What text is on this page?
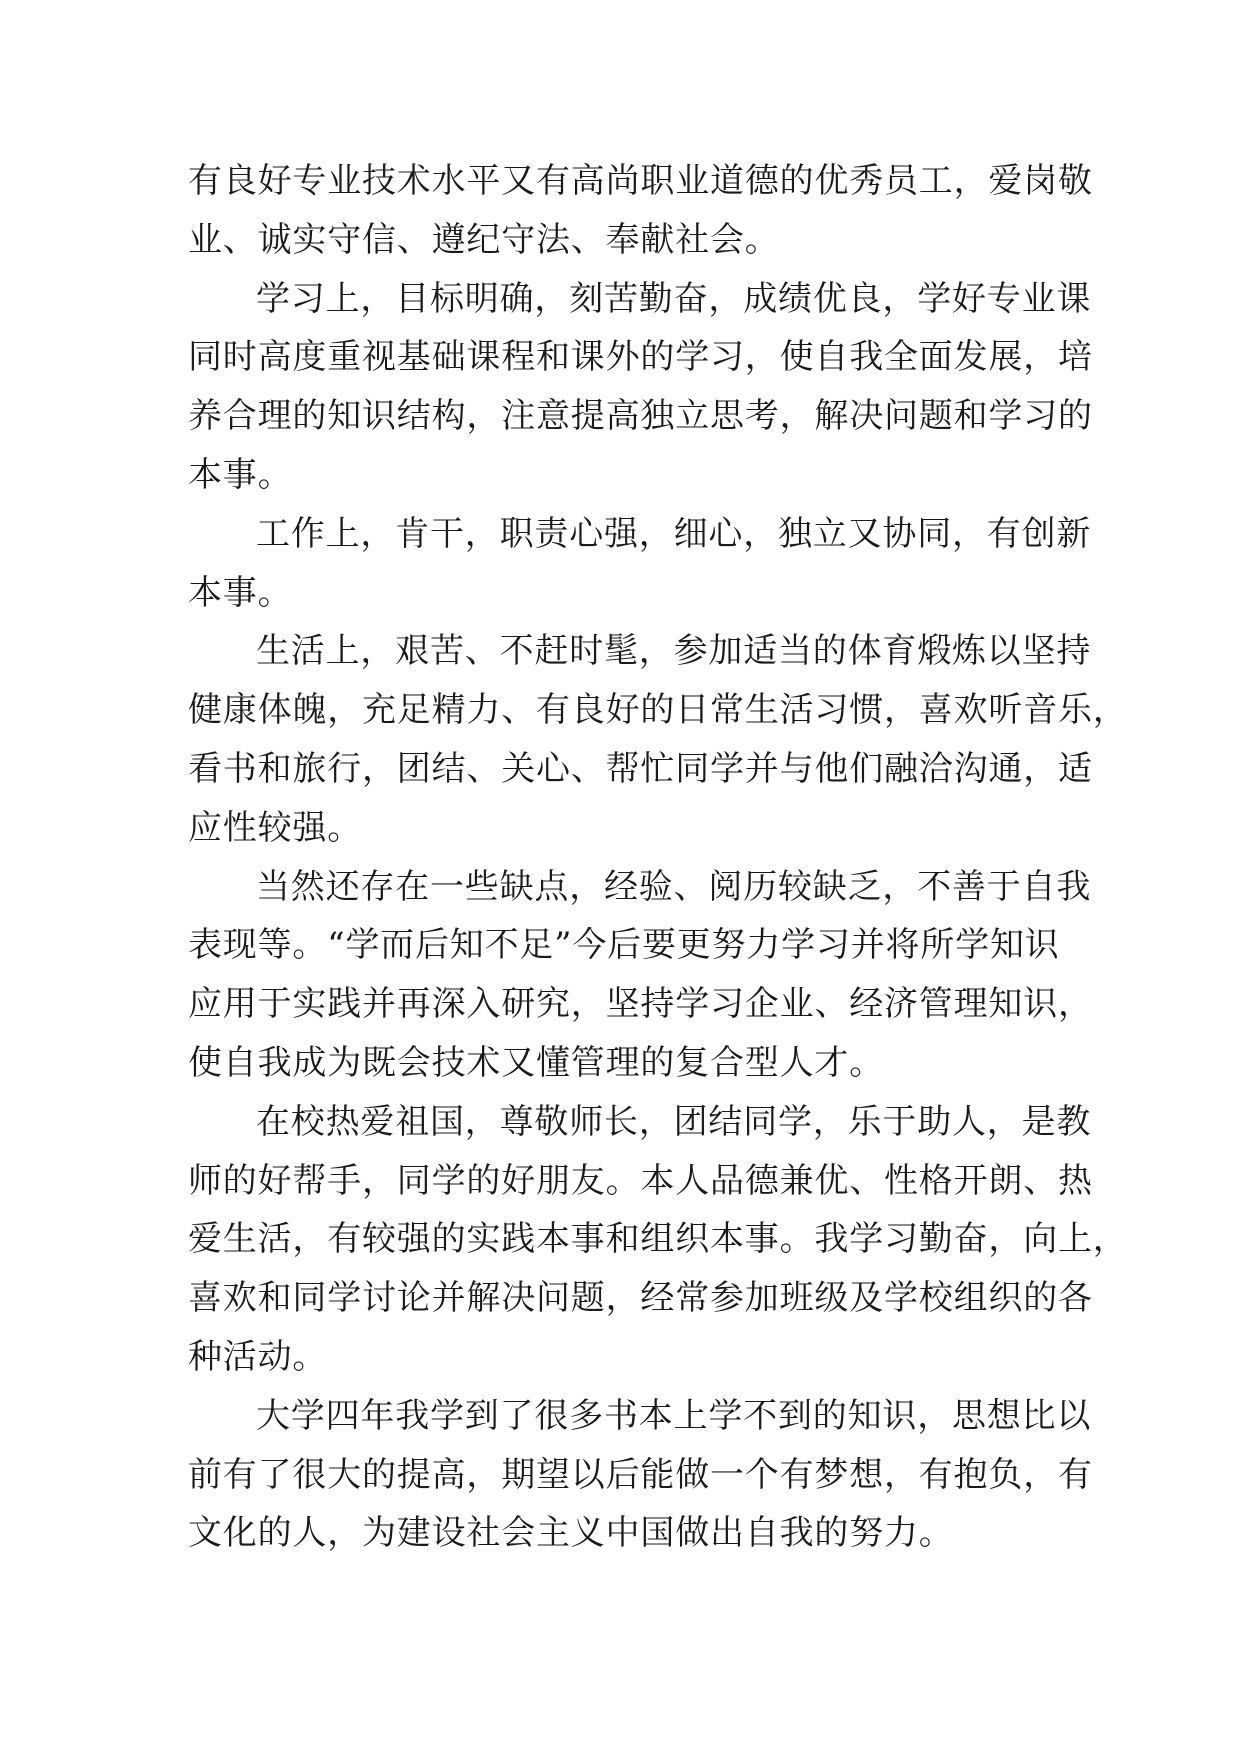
有良好专业技术水平又有高尚职业道德的优秀员工，爱岗敬
业、诚实守信、遵纪守法、奉献社会。
学习上，目标明确，刻苦勤奋，成绩优良，学好专业课
同时高度重视基础课程和课外的学习，使自我全面发展，培
养合理的知识结构，注意提高独立思考，解决问题和学习的
本事。
工作上，肯干，职责心强，细心，独立又协同，有创新
本事。
生活上，艰苦、不赶时髦，参加适当的体育煅炼以坚持
健康体魄，充足精力、有良好的日常生活习惯，喜欢听音乐，
看书和旅行，团结、关心、帮忙同学并与他们融洽沟通，适
应性较强。
当然还存在一些缺点，经验、阅历较缺乏，不善于自我
表现等。“学而后知不足”今后要更努力学习并将所学知识
应用于实践并再深入研究，坚持学习企业、经济管理知识，
使自我成为既会技术又懂管理的复合型人才。
在校热爱祖国，尊敬师长，团结同学，乐于助人，是教
师的好帮手，同学的好朋友。本人品德兼优、性格开朗、热
爱生活，有较强的实践本事和组织本事。我学习勤奋，向上，
喜欢和同学讨论并解决问题，经常参加班级及学校组织的各
种活动。
大学四年我学到了很多书本上学不到的知识，思想比以
前有了很大的提高，期望以后能做一个有梦想，有抱负，有
文化的人，为建设社会主义中国做出自我的努力。
